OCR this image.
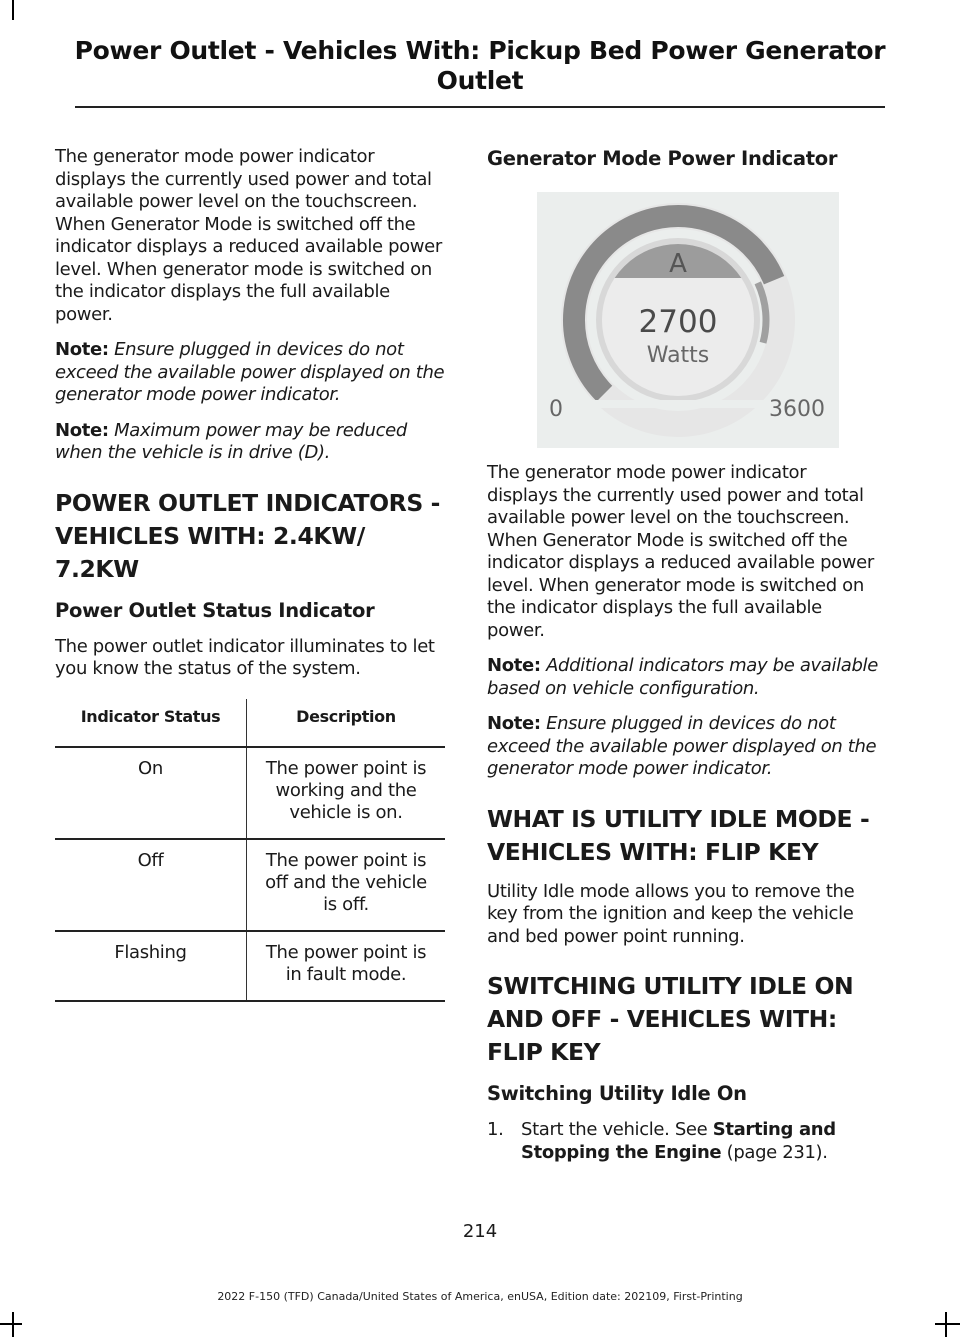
Power Outlet - Vehicles With: Pickup Bed Power Generator Outlet

The generator mode power indicator displays the currently used power and total available power level on the touchscreen. When Generator Mode is switched off the indicator displays a reduced available power level. When generator mode is switched on the indicator displays the full available power.

Note: Ensure plugged in devices do not exceed the available power displayed on the generator mode power indicator.

Note: Maximum power may be reduced when the vehicle is in drive (D).

POWER OUTLET INDICATORS - VEHICLES WITH: 2.4KW/ 7.2KW
Power Outlet Status Indicator

The power outlet indicator illuminates to let you know the status of the system.

Indicator Status	Description
On	The power point is working and the vehicle is on.
Off	The power point is off and the vehicle is off.
Flashing	The power point is in fault mode.
Generator Mode Power Indicator
A
2700
Watts
0	3600

The generator mode power indicator displays the currently used power and total available power level on the touchscreen. When Generator Mode is switched off the indicator displays a reduced available power level. When generator mode is switched on the indicator displays the full available power.

Note: Additional indicators may be available based on vehicle configuration.

Note: Ensure plugged in devices do not exceed the available power displayed on the generator mode power indicator.

WHAT IS UTILITY IDLE MODE - VEHICLES WITH: FLIP KEY

Utility Idle mode allows you to remove the key from the ignition and keep the vehicle and bed power point running.

SWITCHING UTILITY IDLE ON AND OFF - VEHICLES WITH: FLIP KEY
Switching Utility Idle On
1. Start the vehicle. See Starting and Stopping the Engine (page 231).
214
2022 F-150 (TFD) Canada/United States of America, enUSA, Edition date: 202109, First-Printing
